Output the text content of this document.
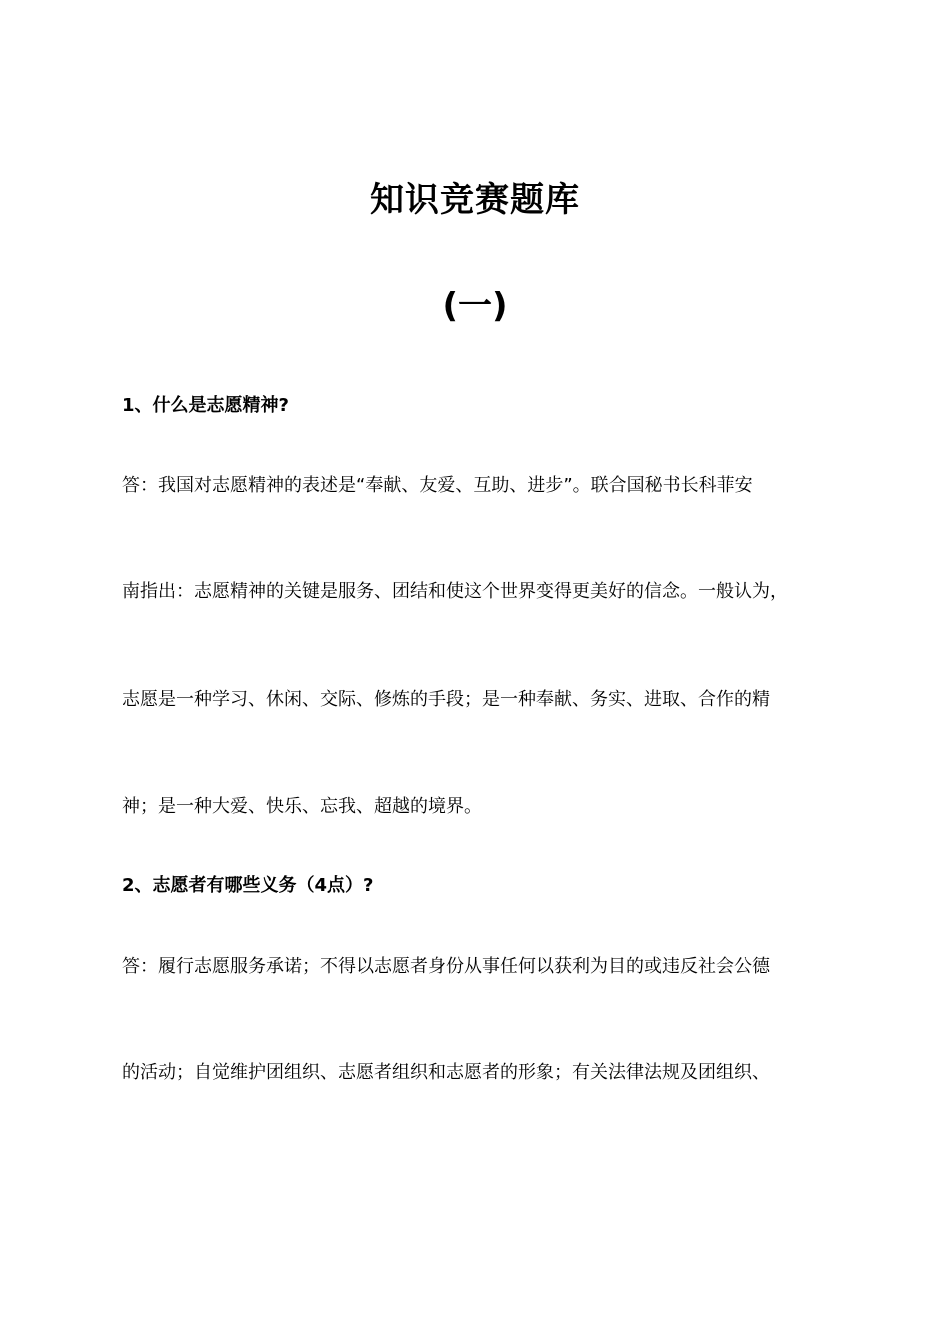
知识竞赛题库
(一)
1、什么是志愿精神?
答：我国对志愿精神的表述是“奉献、友爱、互助、进步”。联合国秘书长科菲安
南指出：志愿精神的关键是服务、团结和使这个世界变得更美好的信念。一般认为，
志愿是一种学习、休闲、交际、修炼的手段；是一种奉献、务实、进取、合作的精
神；是一种大爱、快乐、忘我、超越的境界。
2、志愿者有哪些义务（4点）?
答：履行志愿服务承诺；不得以志愿者身份从事任何以获利为目的或违反社会公德
的活动；自觉维护团组织、志愿者组织和志愿者的形象；有关法律法规及团组织、
